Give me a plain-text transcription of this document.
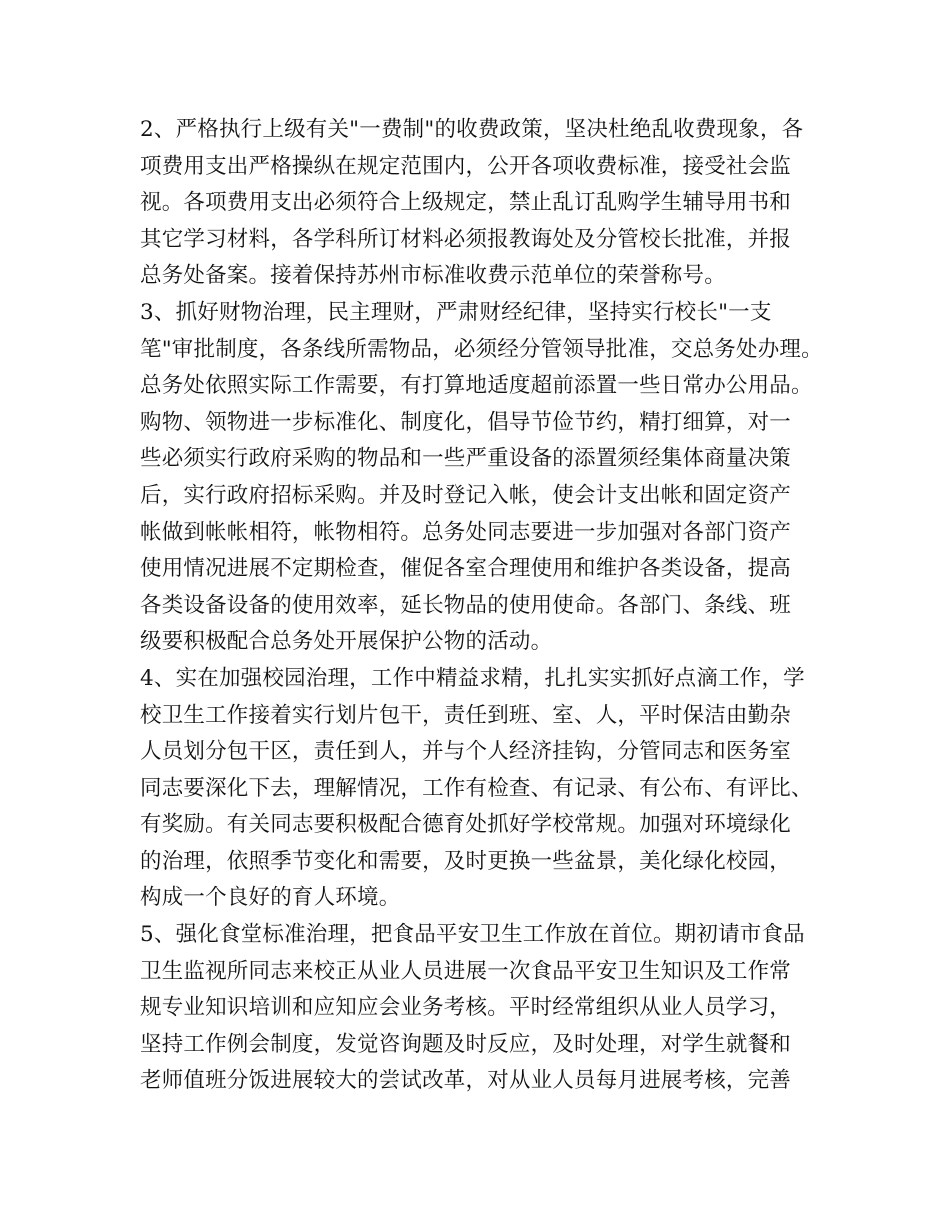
2、严格执行上级有关"一费制"的收费政策，坚决杜绝乱收费现象，各
项费用支出严格操纵在规定范围内，公开各项收费标准，接受社会监
视。各项费用支出必须符合上级规定，禁止乱订乱购学生辅导用书和
其它学习材料，各学科所订材料必须报教诲处及分管校长批准，并报
总务处备案。接着保持苏州市标准收费示范单位的荣誉称号。
3、抓好财物治理，民主理财，严肃财经纪律，坚持实行校长"一支
笔"审批制度，各条线所需物品，必须经分管领导批准，交总务处办理。
总务处依照实际工作需要，有打算地适度超前添置一些日常办公用品。
购物、领物进一步标准化、制度化，倡导节俭节约，精打细算，对一
些必须实行政府采购的物品和一些严重设备的添置须经集体商量决策
后，实行政府招标采购。并及时登记入帐，使会计支出帐和固定资产
帐做到帐帐相符，帐物相符。总务处同志要进一步加强对各部门资产
使用情况进展不定期检查，催促各室合理使用和维护各类设备，提高
各类设备设备的使用效率，延长物品的使用使命。各部门、条线、班
级要积极配合总务处开展保护公物的活动。
4、实在加强校园治理，工作中精益求精，扎扎实实抓好点滴工作，学
校卫生工作接着实行划片包干，责任到班、室、人，平时保洁由勤杂
人员划分包干区，责任到人，并与个人经济挂钩，分管同志和医务室
同志要深化下去，理解情况，工作有检查、有记录、有公布、有评比、
有奖励。有关同志要积极配合德育处抓好学校常规。加强对环境绿化
的治理，依照季节变化和需要，及时更换一些盆景，美化绿化校园，
构成一个良好的育人环境。
5、强化食堂标准治理，把食品平安卫生工作放在首位。期初请市食品
卫生监视所同志来校正从业人员进展一次食品平安卫生知识及工作常
规专业知识培训和应知应会业务考核。平时经常组织从业人员学习，
坚持工作例会制度，发觉咨询题及时反应，及时处理，对学生就餐和
老师值班分饭进展较大的尝试改革，对从业人员每月进展考核，完善
